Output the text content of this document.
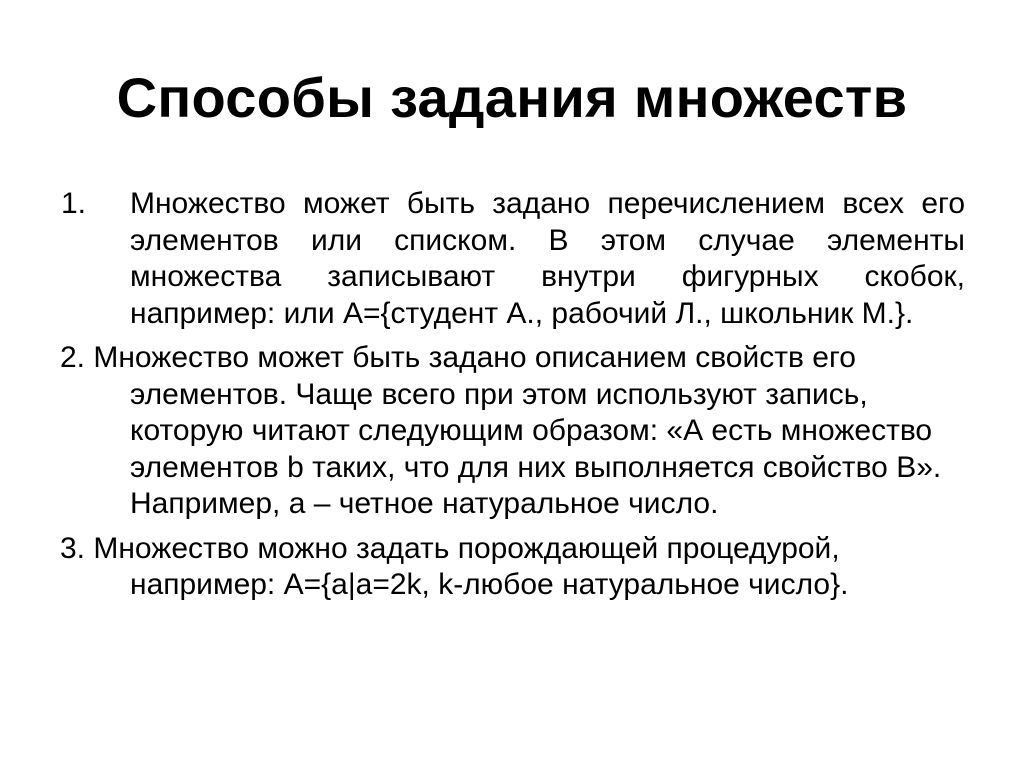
Способы задания множеств
1. Множество может быть задано перечислением всех его элементов или списком. В этом случае элементы множества записывают внутри фигурных скобок, например: или A={студент А., рабочий Л., школьник М.}.
2. Множество может быть задано описанием свойств его элементов. Чаще всего при этом используют запись, которую читают следующим образом: «А есть множество элементов b таких, что для них выполняется свойство В». Например, a – четное натуральное число.
3. Множество можно задать порождающей процедурой, например: A={a|a=2k, k-любое натуральное число}.
